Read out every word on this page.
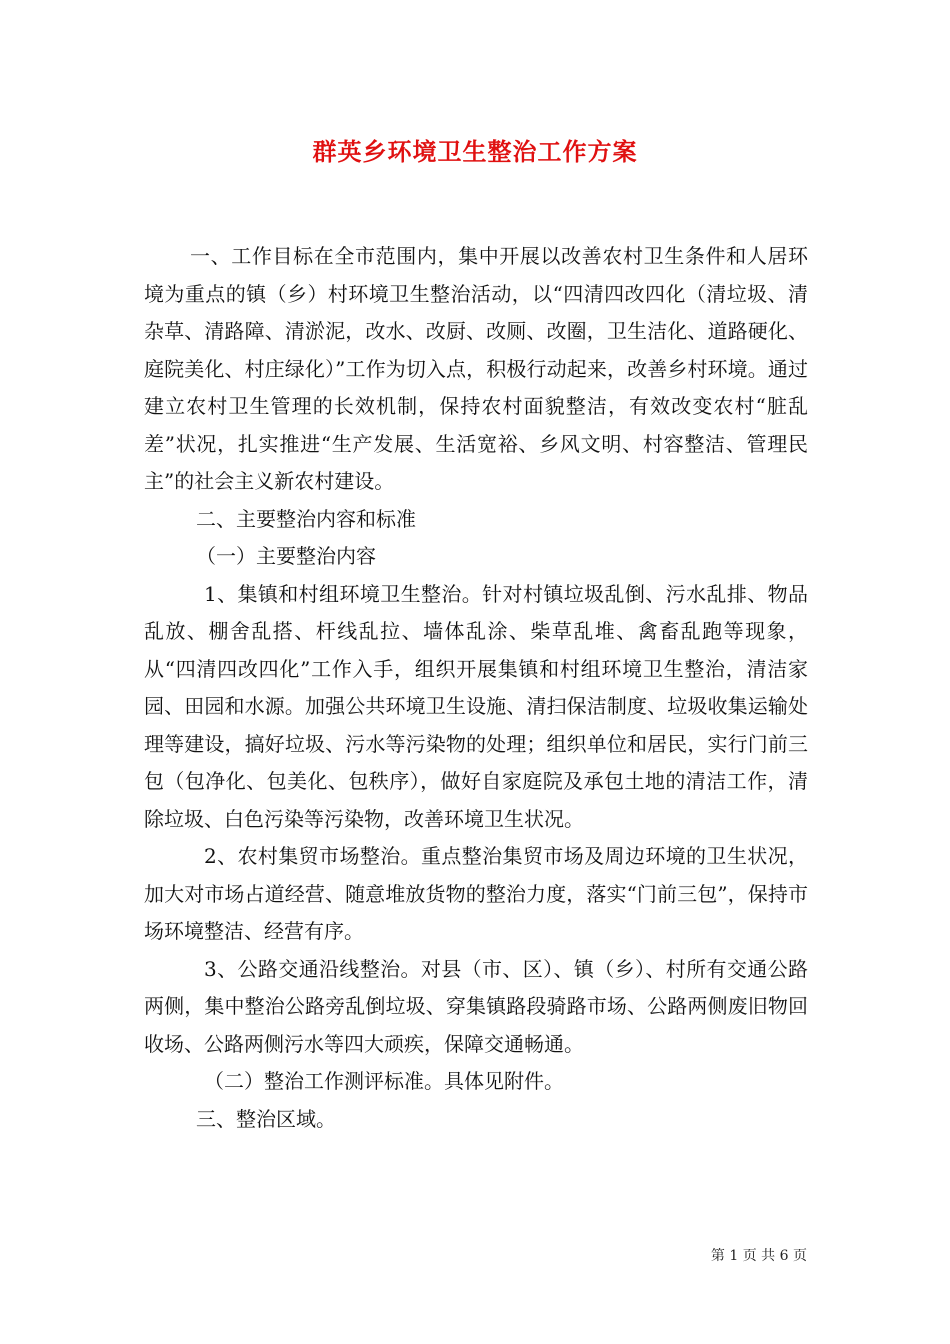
群英乡环境卫生整治工作方案

一、工作目标在全市范围内，集中开展以改善农村卫生条件和人居环境为重点的镇（乡）村环境卫生整治活动，以“四清四改四化（清垃圾、清杂草、清路障、清淤泥，改水、改厨、改厕、改圈，卫生洁化、道路硬化、庭院美化、村庄绿化）”工作为切入点，积极行动起来，改善乡村环境。通过建立农村卫生管理的长效机制，保持农村面貌整洁，有效改变农村“脏乱差”状况，扎实推进“生产发展、生活宽裕、乡风文明、村容整洁、管理民主”的社会主义新农村建设。

二、主要整治内容和标准

（一）主要整治内容

1、集镇和村组环境卫生整治。针对村镇垃圾乱倒、污水乱排、物品乱放、棚舍乱搭、杆线乱拉、墙体乱涂、柴草乱堆、禽畜乱跑等现象，从“四清四改四化”工作入手，组织开展集镇和村组环境卫生整治，清洁家园、田园和水源。加强公共环境卫生设施、清扫保洁制度、垃圾收集运输处理等建设，搞好垃圾、污水等污染物的处理；组织单位和居民，实行门前三包（包净化、包美化、包秩序），做好自家庭院及承包土地的清洁工作，清除垃圾、白色污染等污染物，改善环境卫生状况。

2、农村集贸市场整治。重点整治集贸市场及周边环境的卫生状况，加大对市场占道经营、随意堆放货物的整治力度，落实“门前三包”，保持市场环境整洁、经营有序。

3、公路交通沿线整治。对县（市、区）、镇（乡）、村所有交通公路两侧，集中整治公路旁乱倒垃圾、穿集镇路段骑路市场、公路两侧废旧物回收场、公路两侧污水等四大顽疾，保障交通畅通。

（二）整治工作测评标准。具体见附件。

三、整治区域。

第 1 页 共 6 页
